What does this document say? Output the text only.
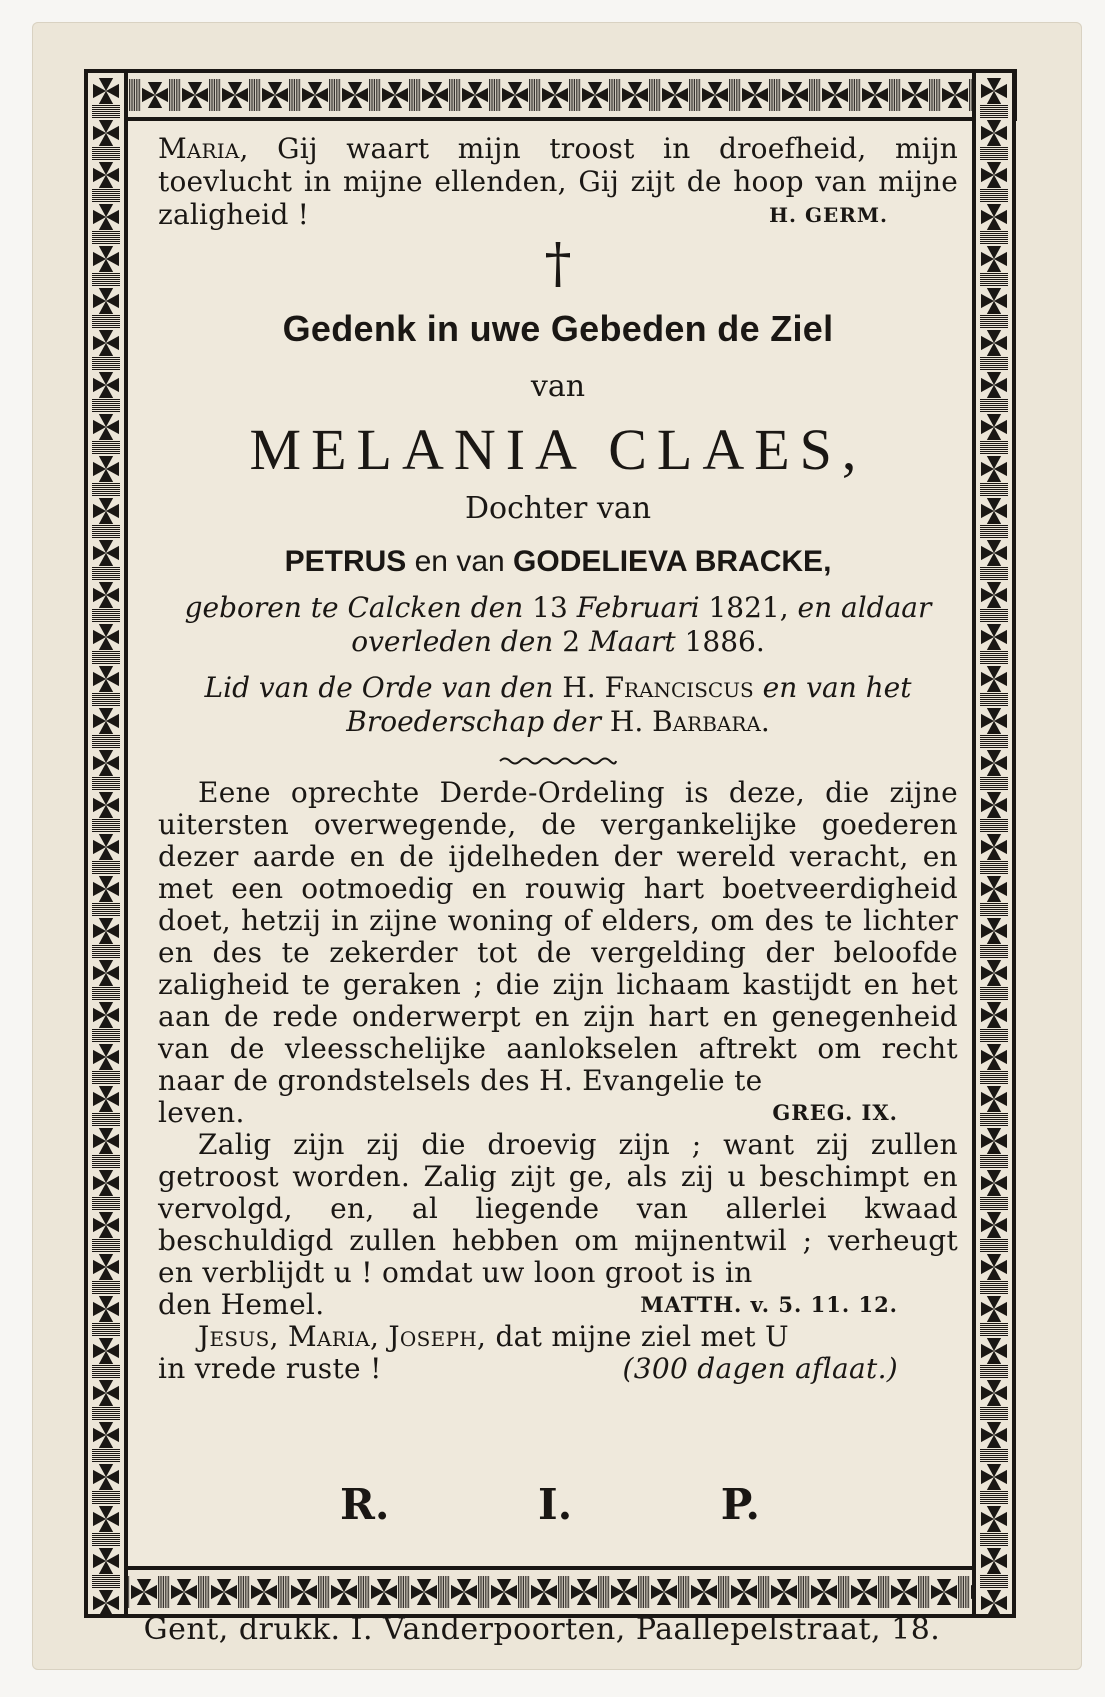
Maria, Gij waart mijn troost in droefheid, mijn toevlucht in mijne ellenden, Gij zijt de hoop van mijne zaligheid !	H. GERM.
†
Gedenk in uwe Gebeden de Ziel
van
MELANIA CLAES,
Dochter van
PETRUS en van GODELIEVA BRACKE,
geboren te Calcken den 13 Februari 1821, en aldaar overleden den 2 Maart 1886.
Lid van de Orde van den H. Franciscus en van het Broederschap der H. Barbara.

Eene oprechte Derde-Ordeling is deze, die zijne uitersten overwegende, de vergankelijke goederen dezer aarde en de ijdelheden der wereld veracht, en met een ootmoedig en rouwig hart boetveerdigheid doet, hetzij in zijne woning of elders, om des te lichter en des te zekerder tot de vergelding der beloofde zaligheid te geraken ; die zijn lichaam kastijdt en het aan de rede onderwerpt en zijn hart en genegenheid van de vleesschelijke aanlokselen aftrekt om recht naar de grondstelsels des H. Evangelie te

leven.	GREG. IX.

Zalig zijn zij die droevig zijn ; want zij zullen getroost worden. Zalig zijt ge, als zij u beschimpt en vervolgd, en, al liegende van allerlei kwaad beschuldigd zullen hebben om mijnentwil ; verheugt en verblijdt u ! omdat uw loon groot is in

den Hemel.	MATTH. v. 5. 11. 12.

Jesus, Maria, Joseph, dat mijne ziel met U

in vrede ruste !	(300 dagen aflaat.)
R.	I.	P.
Gent, drukk. I. Vanderpoorten, Paallepelstraat, 18.
